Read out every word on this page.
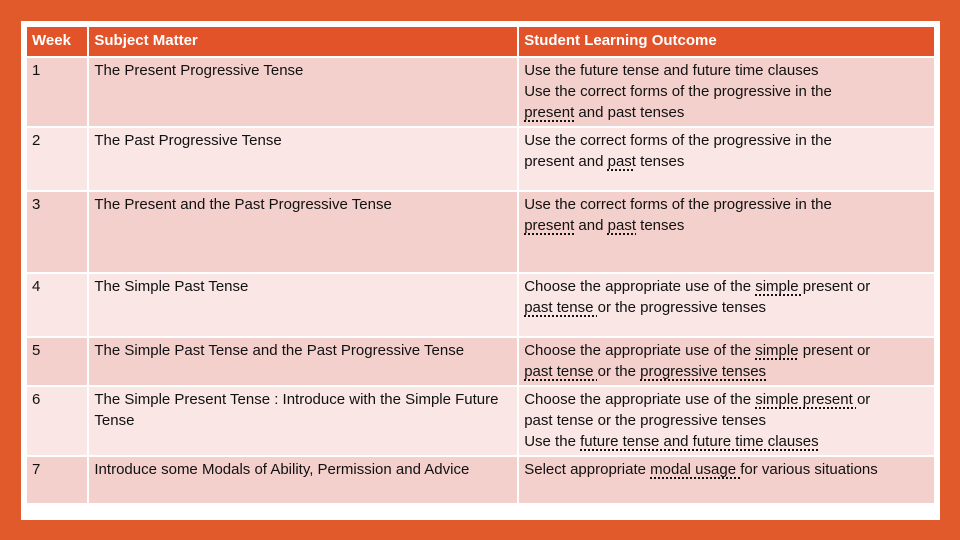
Week	Subject Matter	Student Learning Outcome
1	The Present Progressive Tense	Use the future tense and future time clauses
Use the correct forms of the progressive in the
present and past tenses

2	The Past Progressive Tense	Use the correct forms of the progressive in the
present and past tenses

3	The Present and the Past Progressive Tense	Use the correct forms of the progressive in the
present and past tenses

4	The Simple Past Tense	Choose the appropriate use of the simple present or
past tense or the progressive tenses

5	The Simple Past Tense and the Past Progressive Tense	Choose the appropriate use of the simple present or
past tense or the progressive tenses

6	The Simple Present Tense : Introduce with the Simple Future Tense	Choose the appropriate use of the simple present or
past tense or the progressive tenses
Use the future tense and future time clauses

7	Introduce some Modals of Ability, Permission and Advice	Select appropriate modal usage for various situations
